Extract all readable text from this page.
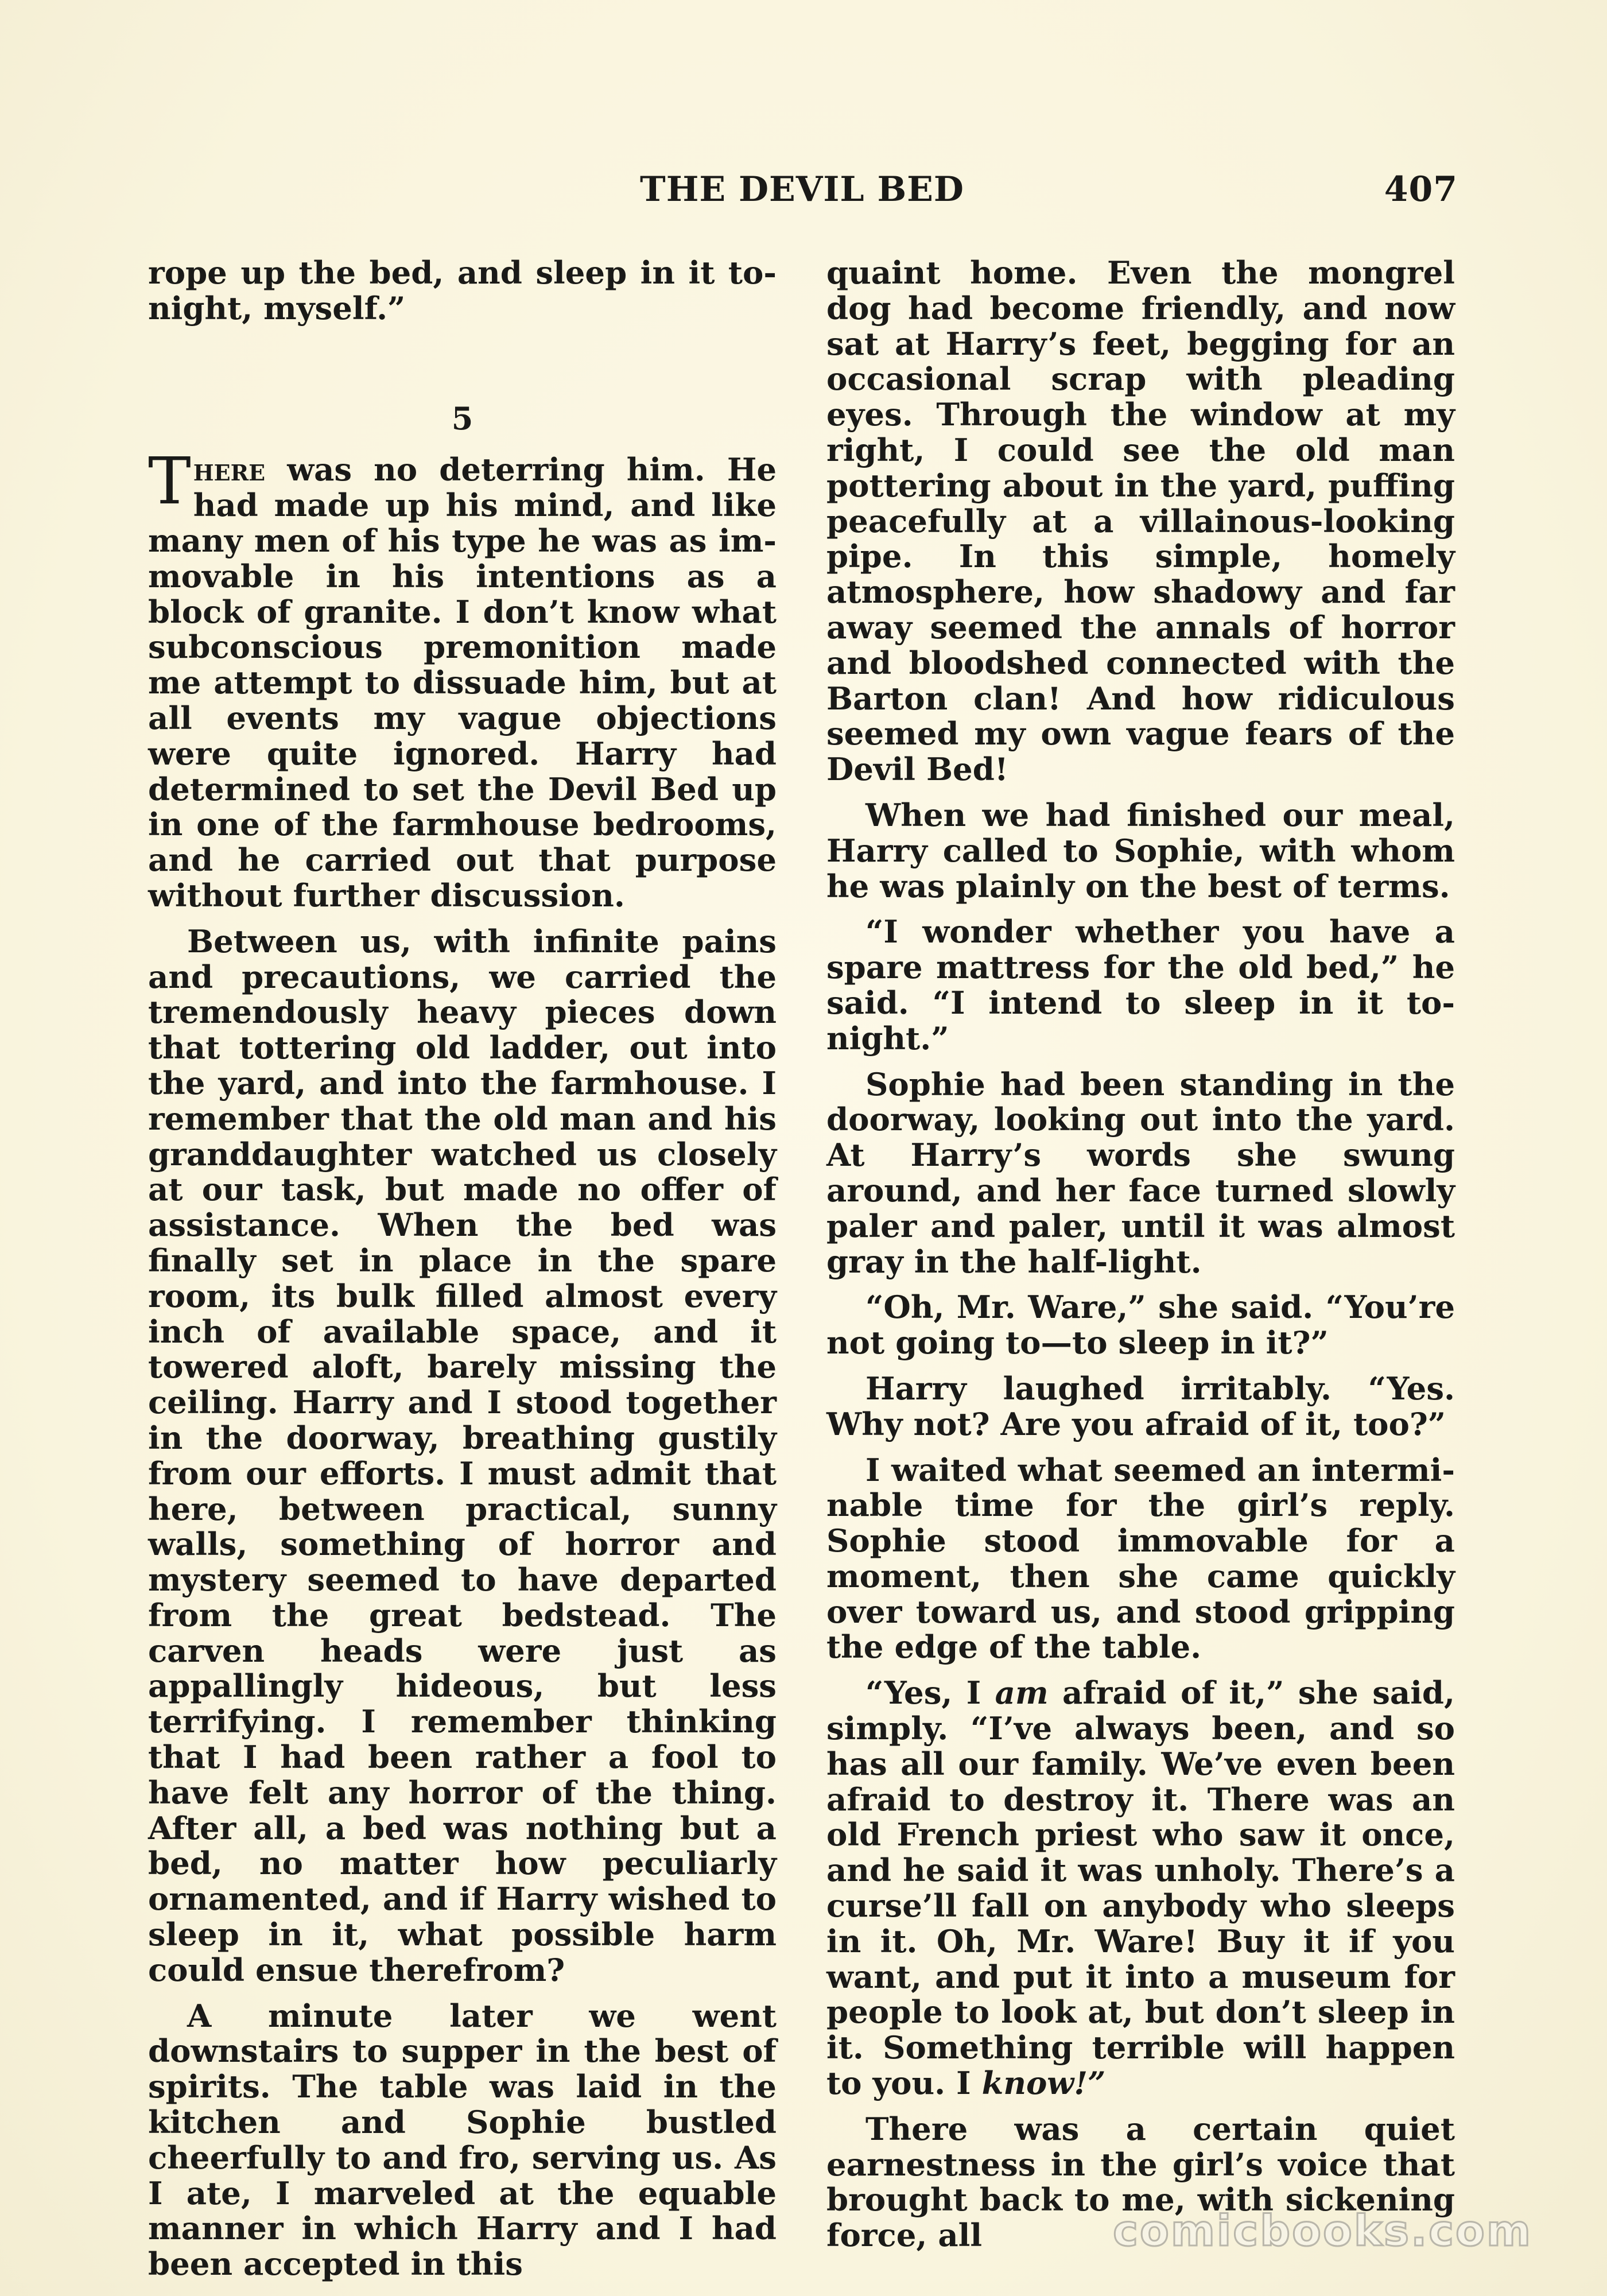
THE DEVIL BED	407

rope up the bed, and sleep in it tonight, myself.”

5

There was no deterring him. He had made up his mind, and like many men of his type he was as immovable in his intentions as a block of granite. I don’t know what subconscious premonition made me attempt to dissuade him, but at all events my vague objections were quite ignored. Harry had determined to set the Devil Bed up in one of the farmhouse bedrooms, and he carried out that purpose without further discussion.

Between us, with infinite pains and precautions, we carried the tremendously heavy pieces down that tottering old ladder, out into the yard, and into the farmhouse. I remember that the old man and his granddaughter watched us closely at our task, but made no offer of assistance. When the bed was finally set in place in the spare room, its bulk filled almost every inch of available space, and it towered aloft, barely missing the ceiling. Harry and I stood together in the doorway, breathing gustily from our efforts. I must admit that here, between practical, sunny walls, something of horror and mystery seemed to have departed from the great bedstead. The carven heads were just as appallingly hideous, but less terrifying. I remember thinking that I had been rather a fool to have felt any horror of the thing. After all, a bed was nothing but a bed, no matter how peculiarly ornamented, and if Harry wished to sleep in it, what possible harm could ensue therefrom?

A minute later we went downstairs to supper in the best of spirits. The table was laid in the kitchen and Sophie bustled cheerfully to and fro, serving us. As I ate, I marveled at the equable manner in which Harry and I had been accepted in this

quaint home. Even the mongrel dog had become friendly, and now sat at Harry’s feet, begging for an occasional scrap with pleading eyes. Through the window at my right, I could see the old man pottering about in the yard, puffing peacefully at a villainous-looking pipe. In this simple, homely atmosphere, how shadowy and far away seemed the annals of horror and bloodshed connected with the Barton clan! And how ridiculous seemed my own vague fears of the Devil Bed!

When we had finished our meal, Harry called to Sophie, with whom he was plainly on the best of terms.

“I wonder whether you have a spare mattress for the old bed,” he said. “I intend to sleep in it tonight.”

Sophie had been standing in the doorway, looking out into the yard. At Harry’s words she swung around, and her face turned slowly paler and paler, until it was almost gray in the half-light.

“Oh, Mr. Ware,” she said. “You’re not going to—to sleep in it?”

Harry laughed irritably. “Yes. Why not? Are you afraid of it, too?”

I waited what seemed an interminable time for the girl’s reply. Sophie stood immovable for a moment, then she came quickly over toward us, and stood gripping the edge of the table.

“Yes, I am afraid of it,” she said, simply. “I’ve always been, and so has all our family. We’ve even been afraid to destroy it. There was an old French priest who saw it once, and he said it was unholy. There’s a curse’ll fall on anybody who sleeps in it. Oh, Mr. Ware! Buy it if you want, and put it into a museum for people to look at, but don’t sleep in it. Something terrible will happen to you. I know!”

There was a certain quiet earnestness in the girl’s voice that brought back to me, with sickening force, all	comicbooks.com
